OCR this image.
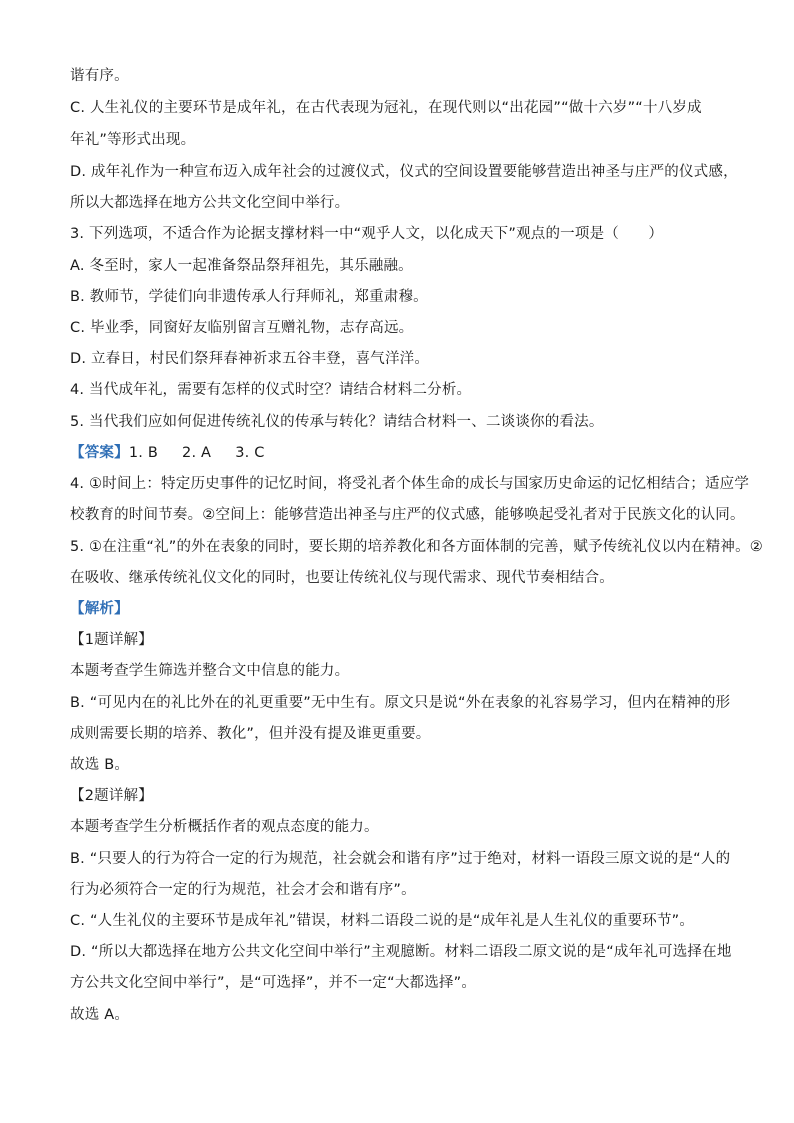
谐有序。
C. 人生礼仪的主要环节是成年礼，在古代表现为冠礼，在现代则以“出花园”“做十六岁”“十八岁成
年礼”等形式出现。
D. 成年礼作为一种宣布迈入成年社会的过渡仪式，仪式的空间设置要能够营造出神圣与庄严的仪式感，
所以大都选择在地方公共文化空间中举行。
3. 下列选项，不适合作为论据支撑材料一中“观乎人文，以化成天下”观点的一项是（　　）
A. 冬至时，家人一起准备祭品祭拜祖先，其乐融融。
B. 教师节，学徒们向非遗传承人行拜师礼，郑重肃穆。
C. 毕业季，同窗好友临别留言互赠礼物，志存高远。
D. 立春日，村民们祭拜春神祈求五谷丰登，喜气洋洋。
4. 当代成年礼，需要有怎样的仪式时空？请结合材料二分析。
5. 当代我们应如何促进传统礼仪的传承与转化？请结合材料一、二谈谈你的看法。
【答案】1. B 2. A 3. C
4. ①时间上：特定历史事件的记忆时间，将受礼者个体生命的成长与国家历史命运的记忆相结合；适应学
校教育的时间节奏。②空间上：能够营造出神圣与庄严的仪式感，能够唤起受礼者对于民族文化的认同。
5. ①在注重“礼”的外在表象的同时，要长期的培养教化和各方面体制的完善，赋予传统礼仪以内在精神。②
在吸收、继承传统礼仪文化的同时，也要让传统礼仪与现代需求、现代节奏相结合。
【解析】
【1题详解】
本题考查学生筛选并整合文中信息的能力。
B. “可见内在的礼比外在的礼更重要”无中生有。原文只是说“外在表象的礼容易学习，但内在精神的形
成则需要长期的培养、教化”，但并没有提及谁更重要。
故选 B。
【2题详解】
本题考查学生分析概括作者的观点态度的能力。
B. “只要人的行为符合一定的行为规范，社会就会和谐有序”过于绝对，材料一语段三原文说的是“人的
行为必须符合一定的行为规范，社会才会和谐有序”。
C. “人生礼仪的主要环节是成年礼”错误，材料二语段二说的是“成年礼是人生礼仪的重要环节”。
D. “所以大都选择在地方公共文化空间中举行”主观臆断。材料二语段二原文说的是“成年礼可选择在地
方公共文化空间中举行”，是“可选择”，并不一定“大都选择”。
故选 A。
